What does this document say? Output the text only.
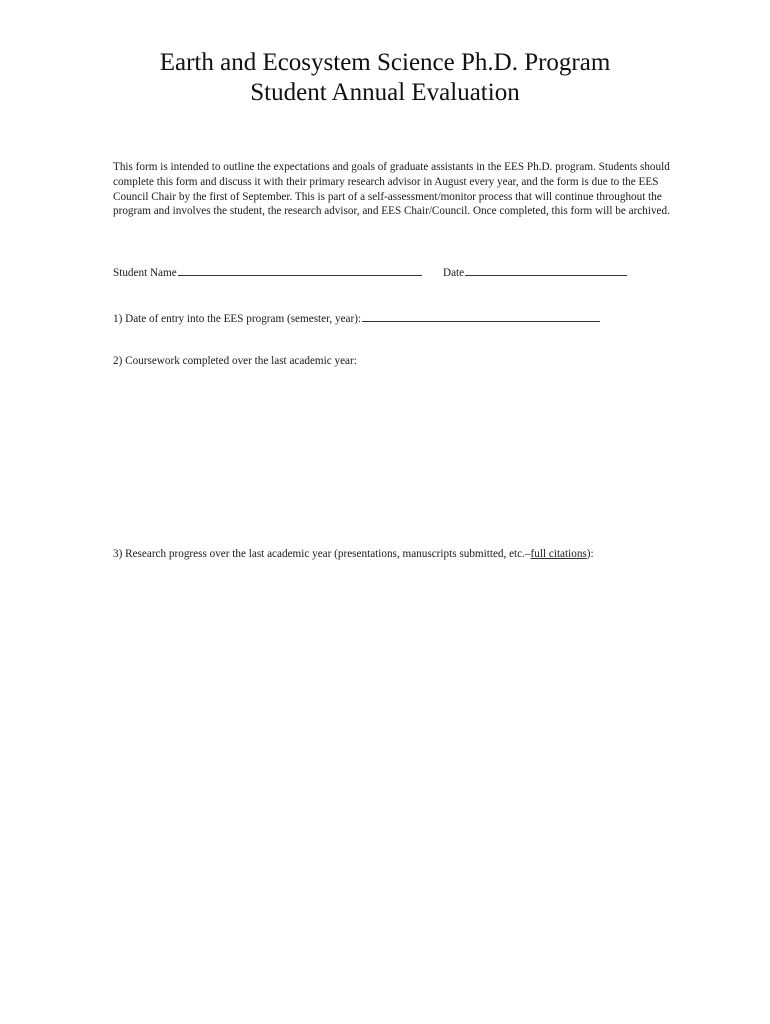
Earth and Ecosystem Science Ph.D. Program
Student Annual Evaluation

This form is intended to outline the expectations and goals of graduate assistants in the EES Ph.D. program. Students should complete this form and discuss it with their primary research advisor in August every year, and the form is due to the EES Council Chair by the first of September. This is part of a self-assessment/monitor process that will continue throughout the program and involves the student, the research advisor, and EES Chair/Council. Once completed, this form will be archived.

Student Name	Date
1) Date of entry into the EES program (semester, year):
2) Coursework completed over the last academic year:
3) Research progress over the last academic year (presentations, manuscripts submitted, etc.–full citations):
